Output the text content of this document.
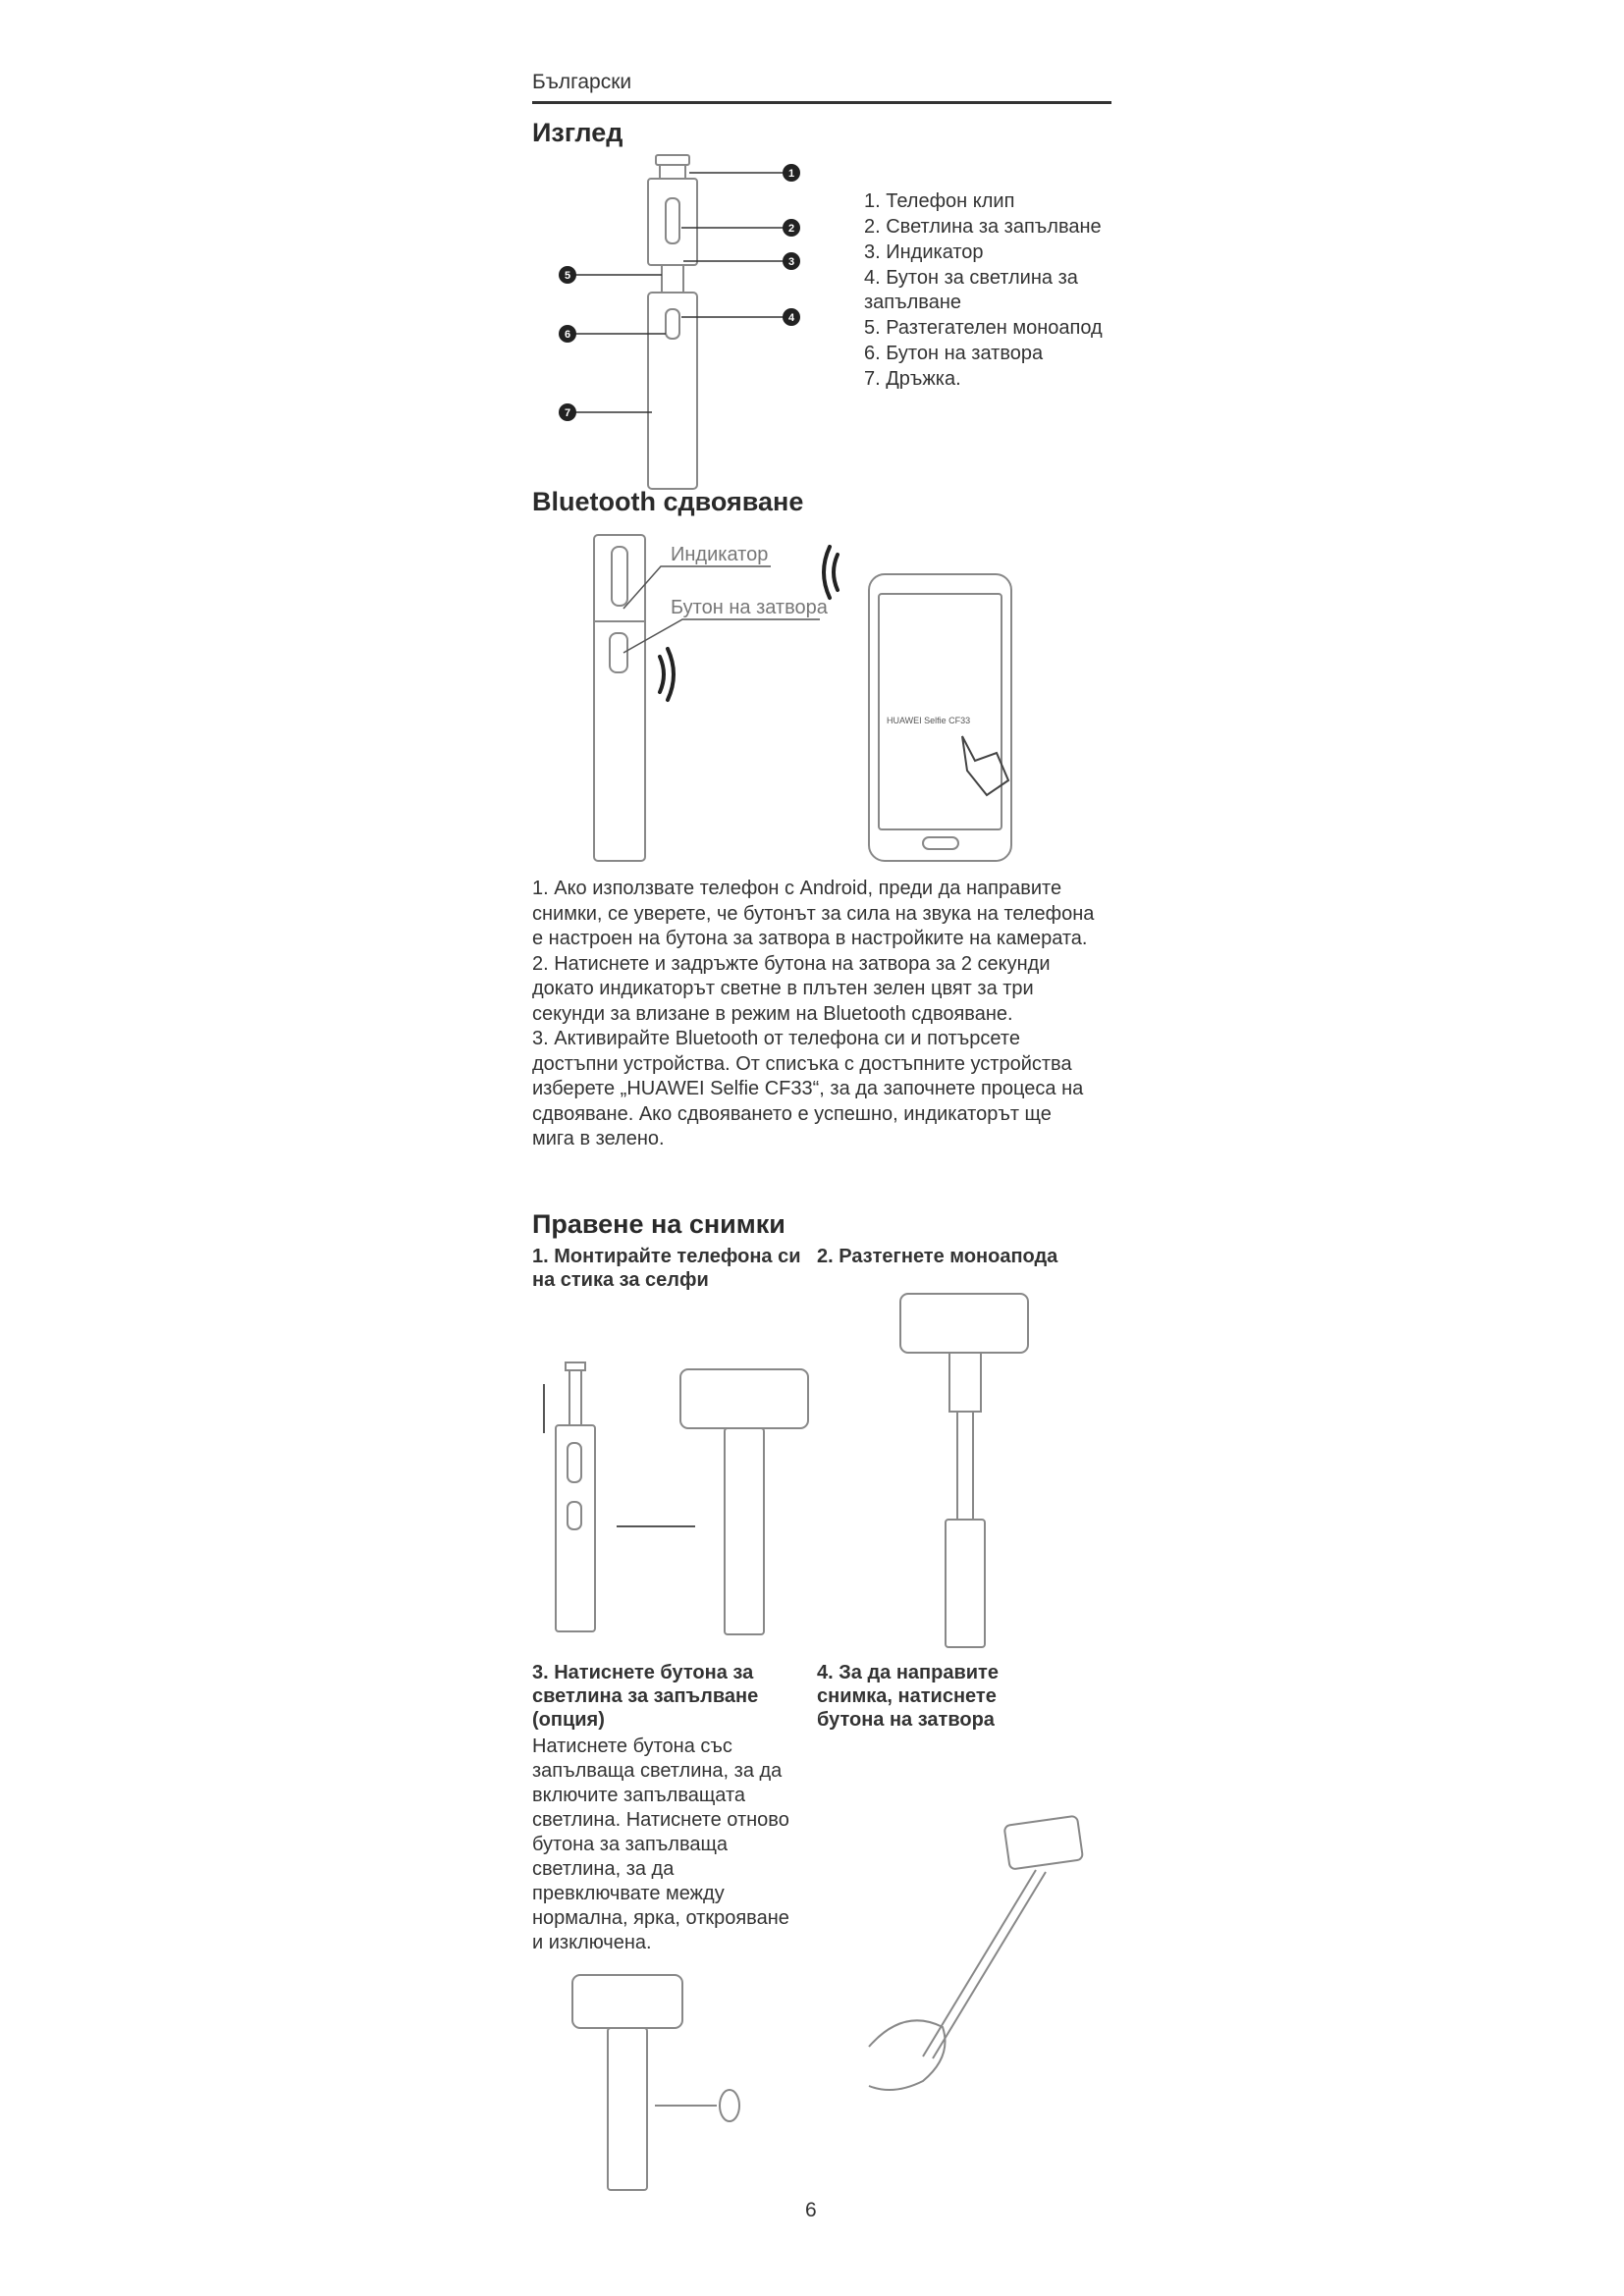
Български
Изглед
1
2
3
4
5
6
7
1. Телефон клип
2. Светлина за запълване
3. Индикатор
4. Бутон за светлина за запълване
5. Разтегателен моноапод
6. Бутон на затвора
7. Дръжка.
Bluetooth сдвояване
Индикатор
Бутон на затвора
HUAWEI Selfie CF33

1. Ако използвате телефон с Android, преди да направите снимки, се уверете, че бутонът за сила на звука на телефона е настроен на бутона за затвора в настройките на камерата.

2. Натиснете и задръжте бутона на затвора за 2 секунди докато индикаторът светне в плътен зелен цвят за три секунди за влизане в режим на Bluetooth сдвояване.

3. Активирайте Bluetooth от телефона си и потърсете достъпни устройства. От списъка с достъпните устройства изберете „HUAWEI Selfie CF33“, за да започнете процеса на сдвояване. Ако сдвояването е успешно, индикаторът ще мига в зелено.

Правене на снимки
1. Монтирайте телефона си на стика за селфи
2. Разтегнете моноапода
3. Натиснете бутона за светлина за запълване (опция)
Натиснете бутона със запълваща светлина, за да включите запълващата светлина. Натиснете отново бутона за запълваща светлина, за да превключвате между нормална, ярка, открояване и изключена.
4. За да направите снимка, натиснете бутона на затвора
6
